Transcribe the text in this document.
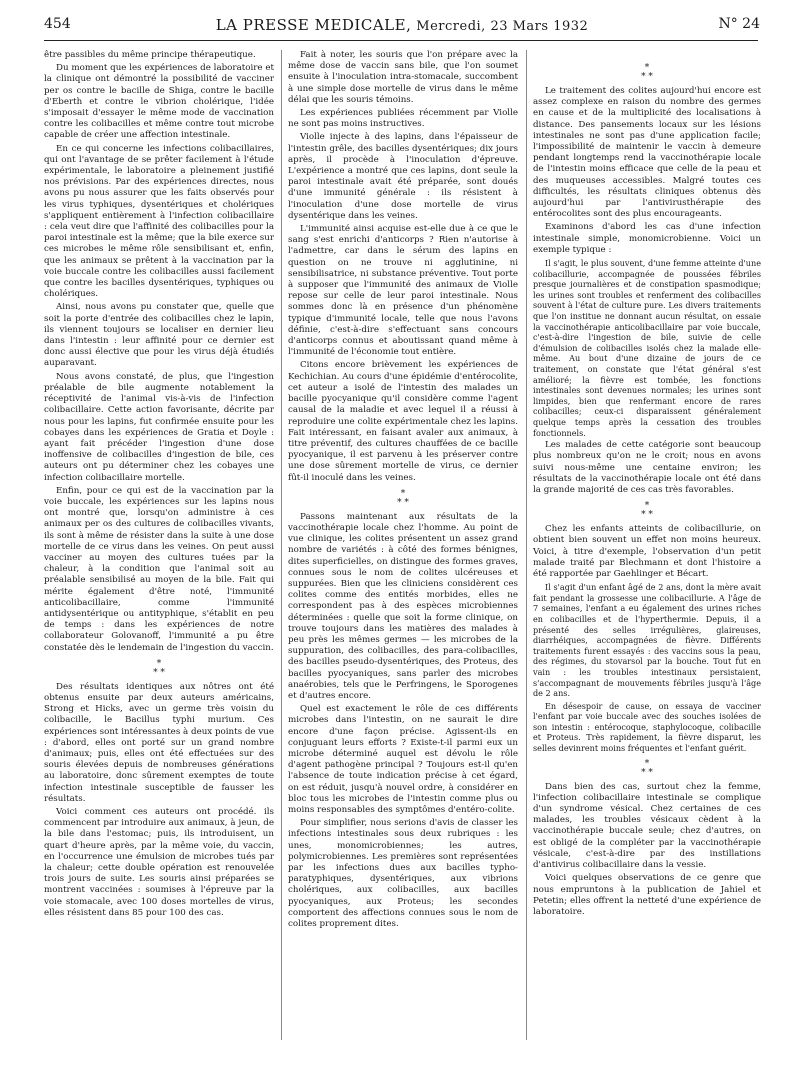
454	LA PRESSE MEDICALE, Mercredi, 23 Mars 1932	N° 24

être passibles du même principe thérapeutique.

Du moment que les expériences de laboratoire et la clinique ont démontré la possibilité de vacciner per os contre le bacille de Shiga, contre le bacille d'Eberth et contre le vibrion cholérique, l'idée s'imposait d'essayer le même mode de vaccination contre les colibacilles et même contre tout microbe capable de créer une affection intestinale.

En ce qui concerne les infections colibacillaires, qui ont l'avantage de se prêter facilement à l'étude expérimentale, le laboratoire a pleinement justifié nos prévisions. Par des expériences directes, nous avons pu nous assurer que les faits observés pour les virus typhiques, dysentériques et cholériques s'appliquent entièrement à l'infection colibacillaire : cela veut dire que l'affinité des colibacilles pour la paroi intestinale est la même; que la bile exerce sur ces microbes le même rôle sensibilisant et, enfin, que les animaux se prêtent à la vaccination par la voie buccale contre les colibacilles aussi facilement que contre les bacilles dysentériques, typhiques ou cholériques.

Ainsi, nous avons pu constater que, quelle que soit la porte d'entrée des colibacilles chez le lapin, ils viennent toujours se localiser en dernier lieu dans l'intestin : leur affinité pour ce dernier est donc aussi élective que pour les virus déjà étudiés auparavant.

Nous avons constaté, de plus, que l'ingestion préalable de bile augmente notablement la réceptivité de l'animal vis-à-vis de l'infection colibacillaire. Cette action favorisante, décrite par nous pour les lapins, fut confirmée ensuite pour les cobayes dans les expériences de Gratia et Doyle : ayant fait précéder l'ingestion d'une dose inoffensive de colibacilles d'ingestion de bile, ces auteurs ont pu déterminer chez les cobayes une infection colibacillaire mortelle.

Enfin, pour ce qui est de la vaccination par la voie buccale, les expériences sur les lapins nous ont montré que, lorsqu'on administre à ces animaux per os des cultures de colibacilles vivants, ils sont à même de résister dans la suite à une dose mortelle de ce virus dans les veines. On peut aussi vacciner au moyen des cultures tuées par la chaleur, à la condition que l'animal soit au préalable sensibilisé au moyen de la bile. Fait qui mérite également d'être noté, l'immunité anticolibacillaire, comme l'immunité antidysentérique ou antityphique, s'établit en peu de temps : dans les expériences de notre collaborateur Golovanoff, l'immunité a pu être constatée dès le lendemain de l'ingestion du vaccin.

*
* *

Des résultats identiques aux nôtres ont été obtenus ensuite par deux auteurs américains, Strong et Hicks, avec un germe très voisin du colibacille, le Bacillus typhi murium. Ces expériences sont intéressantes à deux points de vue : d'abord, elles ont porté sur un grand nombre d'animaux; puis, elles ont été effectuées sur des souris élevées depuis de nombreuses générations au laboratoire, donc sûrement exemptes de toute infection intestinale susceptible de fausser les résultats.

Voici comment ces auteurs ont procédé. ils commencent par introduire aux animaux, à jeun, de la bile dans l'estomac; puis, ils introduisent, un quart d'heure après, par la même voie, du vaccin, en l'occurrence une émulsion de microbes tués par la chaleur; cette double opération est renouvelée trois jours de suite. Les souris ainsi préparées se montrent vaccinées : soumises à l'épreuve par la voie stomacale, avec 100 doses mortelles de virus, elles résistent dans 85 pour 100 des cas.

Fait à noter, les souris que l'on prépare avec la même dose de vaccin sans bile, que l'on soumet ensuite à l'inoculation intra-stomacale, succombent à une simple dose mortelle de virus dans le même délai que les souris témoins.

Les expériences publiées récemment par Violle ne sont pas moins instructives.

Violle injecte à des lapins, dans l'épaisseur de l'intestin grêle, des bacilles dysentériques; dix jours après, il procède à l'inoculation d'épreuve. L'expérience a montré que ces lapins, dont seule la paroi intestinale avait été préparée, sont doués d'une immunité générale : ils résistent à l'inoculation d'une dose mortelle de virus dysentérique dans les veines.

L'immunité ainsi acquise est-elle due à ce que le sang s'est enrichi d'anticorps ? Rien n'autorise à l'admettre, car dans le sérum des lapins en question on ne trouve ni agglutinine, ni sensibilisatrice, ni substance préventive. Tout porte à supposer que l'immunité des animaux de Violle repose sur celle de leur paroi intestinale. Nous sommes donc là en présence d'un phénomène typique d'immunité locale, telle que nous l'avons définie, c'est-à-dire s'effectuant sans concours d'anticorps connus et aboutissant quand même à l'immunité de l'économie tout entière.

Citons encore brièvement les expériences de Kechichian. Au cours d'une épidémie d'entérocolite, cet auteur a isolé de l'intestin des malades un bacille pyocyanique qu'il considère comme l'agent causal de la maladie et avec lequel il a réussi à reproduire une colite expérimentale chez les lapins. Fait intéressant, en faisant avaler aux animaux, à titre préventif, des cultures chauffées de ce bacille pyocyanique, il est parvenu à les préserver contre une dose sûrement mortelle de virus, ce dernier fût-il inoculé dans les veines.

*
* *

Passons maintenant aux résultats de la vaccinothérapie locale chez l'homme. Au point de vue clinique, les colites présentent un assez grand nombre de variétés : à côté des formes bénignes, dites superficielles, on distingue des formes graves, connues sous le nom de colites ulcéreuses et suppurées. Bien que les cliniciens considèrent ces colites comme des entités morbides, elles ne correspondent pas à des espèces microbiennes déterminées : quelle que soit la forme clinique, on trouve toujours dans les matières des malades à peu près les mêmes germes — les microbes de la suppuration, des colibacilles, des para-colibacilles, des bacilles pseudo-dysentériques, des Proteus, des bacilles pyocyaniques, sans parler des microbes anaérobies, tels que le Perfringens, le Sporogenes et d'autres encore.

Quel est exactement le rôle de ces différents microbes dans l'intestin, on ne saurait le dire encore d'une façon précise. Agissent-ils en conjuguant leurs efforts ? Existe-t-il parmi eux un microbe déterminé auquel est dévolu le rôle d'agent pathogène principal ? Toujours est-il qu'en l'absence de toute indication précise à cet égard, on est réduit, jusqu'à nouvel ordre, à considérer en bloc tous les microbes de l'intestin comme plus ou moins responsables des symptômes d'entéro-colite.

Pour simplifier, nous serions d'avis de classer les infections intestinales sous deux rubriques : les unes, monomicrobiennes; les autres, polymicrobiennes. Les premières sont représentées par les infections dues aux bacilles typho-paratyphiques, dysentériques, aux vibrions cholériques, aux colibacilles, aux bacilles pyocyaniques, aux Proteus; les secondes comportent des affections connues sous le nom de colites proprement dites.

*
* *

Le traitement des colites aujourd'hui encore est assez complexe en raison du nombre des germes en cause et de la multiplicité des localisations à distance. Des pansements locaux sur les lésions intestinales ne sont pas d'une application facile; l'impossibilité de maintenir le vaccin à demeure pendant longtemps rend la vaccinothérapie locale de l'intestin moins efficace que celle de la peau et des muqueuses accessibles. Malgré toutes ces difficultés, les résultats cliniques obtenus dès aujourd'hui par l'antivirusthérapie des entérocolites sont des plus encourageants.

Examinons d'abord les cas d'une infection intestinale simple, monomicrobienne. Voici un exemple typique :

Il s'agit, le plus souvent, d'une femme atteinte d'une colibacillurie, accompagnée de poussées fébriles presque journalières et de constipation spasmodique; les urines sont troubles et renferment des colibacilles souvent à l'état de culture pure. Les divers traitements que l'on institue ne donnant aucun résultat, on essaie la vaccinothérapie anticolibacillaire par voie buccale, c'est-à-dire l'ingestion de bile, suivie de celle d'émulsion de colibacilles isolés chez la malade elle-même. Au bout d'une dizaine de jours de ce traitement, on constate que l'état général s'est amélioré; la fièvre est tombée, les fonctions intestinales sont devenues normales; les urines sont limpides, bien que renfermant encore de rares colibacilles; ceux-ci disparaissent généralement quelque temps après la cessation des troubles fonctionnels.

Les malades de cette catégorie sont beaucoup plus nombreux qu'on ne le croit; nous en avons suivi nous-même une centaine environ; les résultats de la vaccinothérapie locale ont été dans la grande majorité de ces cas très favorables.

*
* *

Chez les enfants atteints de colibacillurie, on obtient bien souvent un effet non moins heureux. Voici, à titre d'exemple, l'observation d'un petit malade traité par Blechmann et dont l'histoire a été rapportée par Gaehlinger et Bécart.

Il s'agit d'un enfant âgé de 2 ans, dont la mère avait fait pendant la grossesse une colibacillurie. A l'âge de 7 semaines, l'enfant a eu également des urines riches en colibacilles et de l'hyperthermie. Depuis, il a présenté des selles irrégulières, glaireuses, diarrhéiques, accompagnées de fièvre. Différents traitements furent essayés : des vaccins sous la peau, des régimes, du stovarsol par la bouche. Tout fut en vain : les troubles intestinaux persistaient, s'accompagnant de mouvements fébriles jusqu'à l'âge de 2 ans.

En désespoir de cause, on essaya de vacciner l'enfant par voie buccale avec des souches isolées de son intestin : entérocoque, staphylocoque, colibacille et Proteus. Très rapidement, la fièvre disparut, les selles devinrent moins fréquentes et l'enfant guérit.

*
* *

Dans bien des cas, surtout chez la femme, l'infection colibacillaire intestinale se complique d'un syndrome vésical. Chez certaines de ces malades, les troubles vésicaux cèdent à la vaccinothérapie buccale seule; chez d'autres, on est obligé de la compléter par la vaccinothérapie vésicale, c'est-à-dire par des instillations d'antivirus colibacillaire dans la vessie.

Voici quelques observations de ce genre que nous empruntons à la publication de Jahiel et Petetin; elles offrent la netteté d'une expérience de laboratoire.
